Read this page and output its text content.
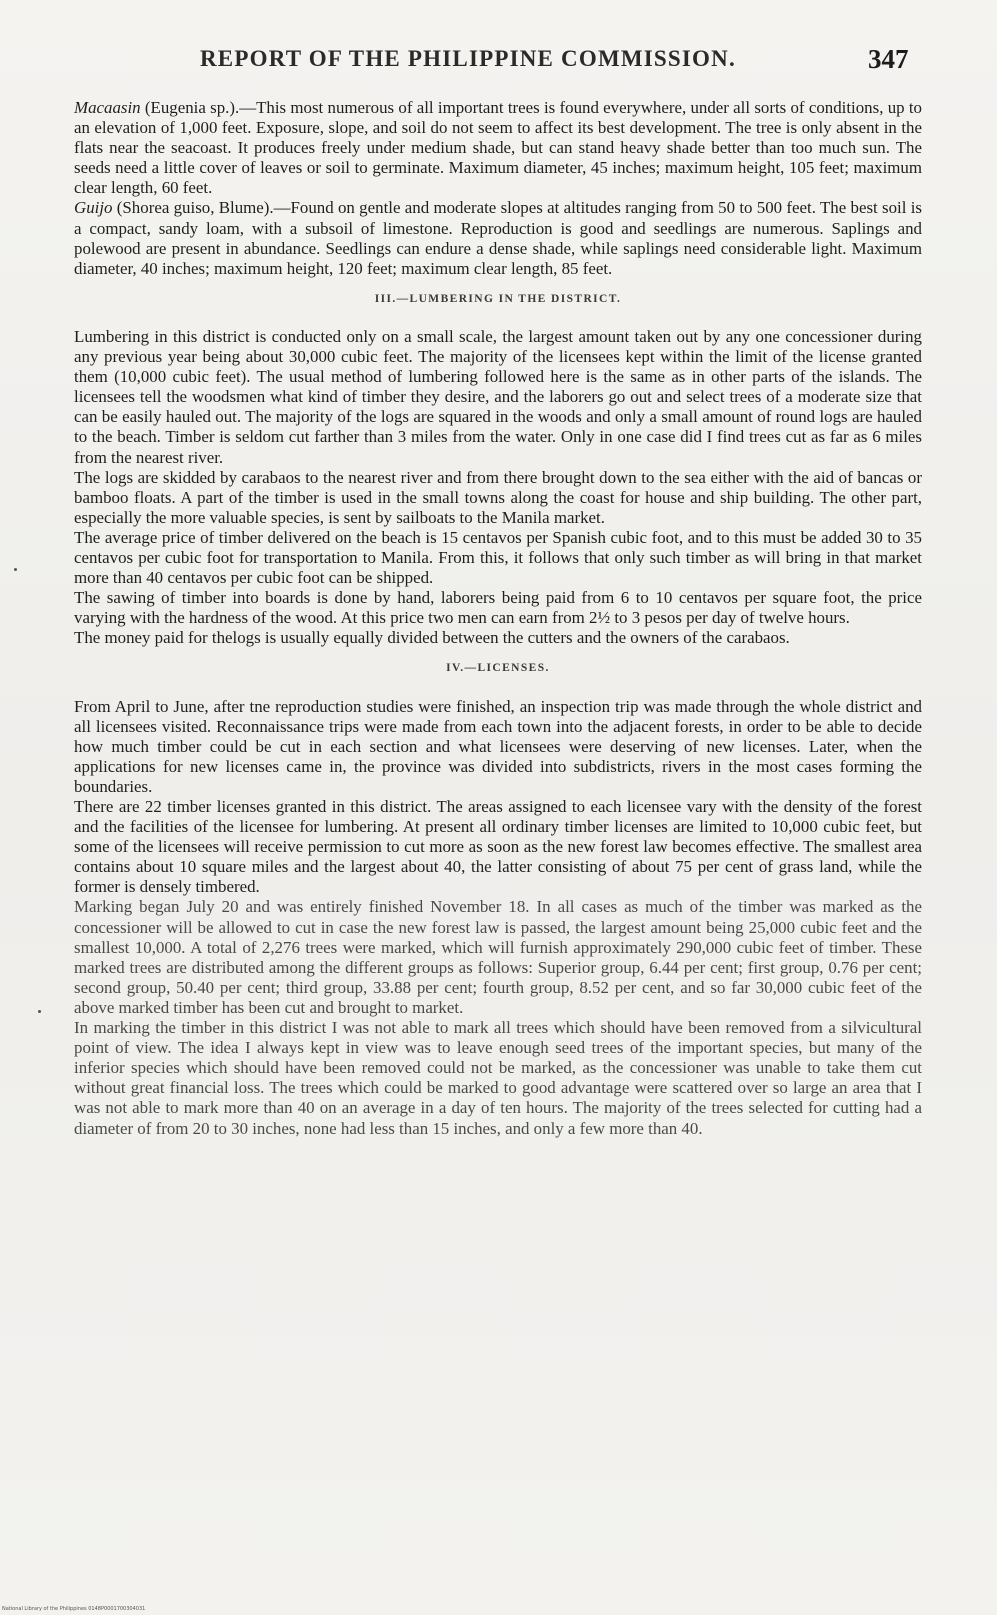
REPORT OF THE PHILIPPINE COMMISSION.	347

Macaasin (Eugenia sp.).—This most numerous of all important trees is found everywhere, under all sorts of conditions, up to an elevation of 1,000 feet. Exposure, slope, and soil do not seem to affect its best development. The tree is only absent in the flats near the seacoast. It produces freely under medium shade, but can stand heavy shade better than too much sun. The seeds need a little cover of leaves or soil to germinate. Maximum diameter, 45 inches; maximum height, 105 feet; maximum clear length, 60 feet.

Guijo (Shorea guiso, Blume).—Found on gentle and moderate slopes at altitudes ranging from 50 to 500 feet. The best soil is a compact, sandy loam, with a subsoil of limestone. Reproduction is good and seedlings are numerous. Saplings and polewood are present in abundance. Seedlings can endure a dense shade, while saplings need considerable light. Maximum diameter, 40 inches; maximum height, 120 feet; maximum clear length, 85 feet.

III.—LUMBERING IN THE DISTRICT.

Lumbering in this district is conducted only on a small scale, the largest amount taken out by any one concessioner during any previous year being about 30,000 cubic feet. The majority of the licensees kept within the limit of the license granted them (10,000 cubic feet). The usual method of lumbering followed here is the same as in other parts of the islands. The licensees tell the woodsmen what kind of timber they desire, and the laborers go out and select trees of a moderate size that can be easily hauled out. The majority of the logs are squared in the woods and only a small amount of round logs are hauled to the beach. Timber is seldom cut farther than 3 miles from the water. Only in one case did I find trees cut as far as 6 miles from the nearest river.

The logs are skidded by carabaos to the nearest river and from there brought down to the sea either with the aid of bancas or bamboo floats. A part of the timber is used in the small towns along the coast for house and ship building. The other part, especially the more valuable species, is sent by sailboats to the Manila market.

The average price of timber delivered on the beach is 15 centavos per Spanish cubic foot, and to this must be added 30 to 35 centavos per cubic foot for transportation to Manila. From this, it follows that only such timber as will bring in that market more than 40 centavos per cubic foot can be shipped.

The sawing of timber into boards is done by hand, laborers being paid from 6 to 10 centavos per square foot, the price varying with the hardness of the wood. At this price two men can earn from 2½ to 3 pesos per day of twelve hours.

The money paid for thelogs is usually equally divided between the cutters and the owners of the carabaos.

IV.—LICENSES.

From April to June, after tne reproduction studies were finished, an inspection trip was made through the whole district and all licensees visited. Reconnaissance trips were made from each town into the adjacent forests, in order to be able to decide how much timber could be cut in each section and what licensees were deserving of new licenses. Later, when the applications for new licenses came in, the province was divided into subdistricts, rivers in the most cases forming the boundaries.

There are 22 timber licenses granted in this district. The areas assigned to each licensee vary with the density of the forest and the facilities of the licensee for lumbering. At present all ordinary timber licenses are limited to 10,000 cubic feet, but some of the licensees will receive permission to cut more as soon as the new forest law becomes effective. The smallest area contains about 10 square miles and the largest about 40, the latter consisting of about 75 per cent of grass land, while the former is densely timbered.

Marking began July 20 and was entirely finished November 18. In all cases as much of the timber was marked as the concessioner will be allowed to cut in case the new forest law is passed, the largest amount being 25,000 cubic feet and the smallest 10,000. A total of 2,276 trees were marked, which will furnish approximately 290,000 cubic feet of timber. These marked trees are distributed among the different groups as follows: Superior group, 6.44 per cent; first group, 0.76 per cent; second group, 50.40 per cent; third group, 33.88 per cent; fourth group, 8.52 per cent, and so far 30,000 cubic feet of the above marked timber has been cut and brought to market.

In marking the timber in this district I was not able to mark all trees which should have been removed from a silvicultural point of view. The idea I always kept in view was to leave enough seed trees of the important species, but many of the inferior species which should have been removed could not be marked, as the concessioner was unable to take them cut without great financial loss. The trees which could be marked to good advantage were scattered over so large an area that I was not able to mark more than 40 on an average in a day of ten hours. The majority of the trees selected for cutting had a diameter of from 20 to 30 inches, none had less than 15 inches, and only a few more than 40.

National Library of the Philippines 0148P0001700304031
